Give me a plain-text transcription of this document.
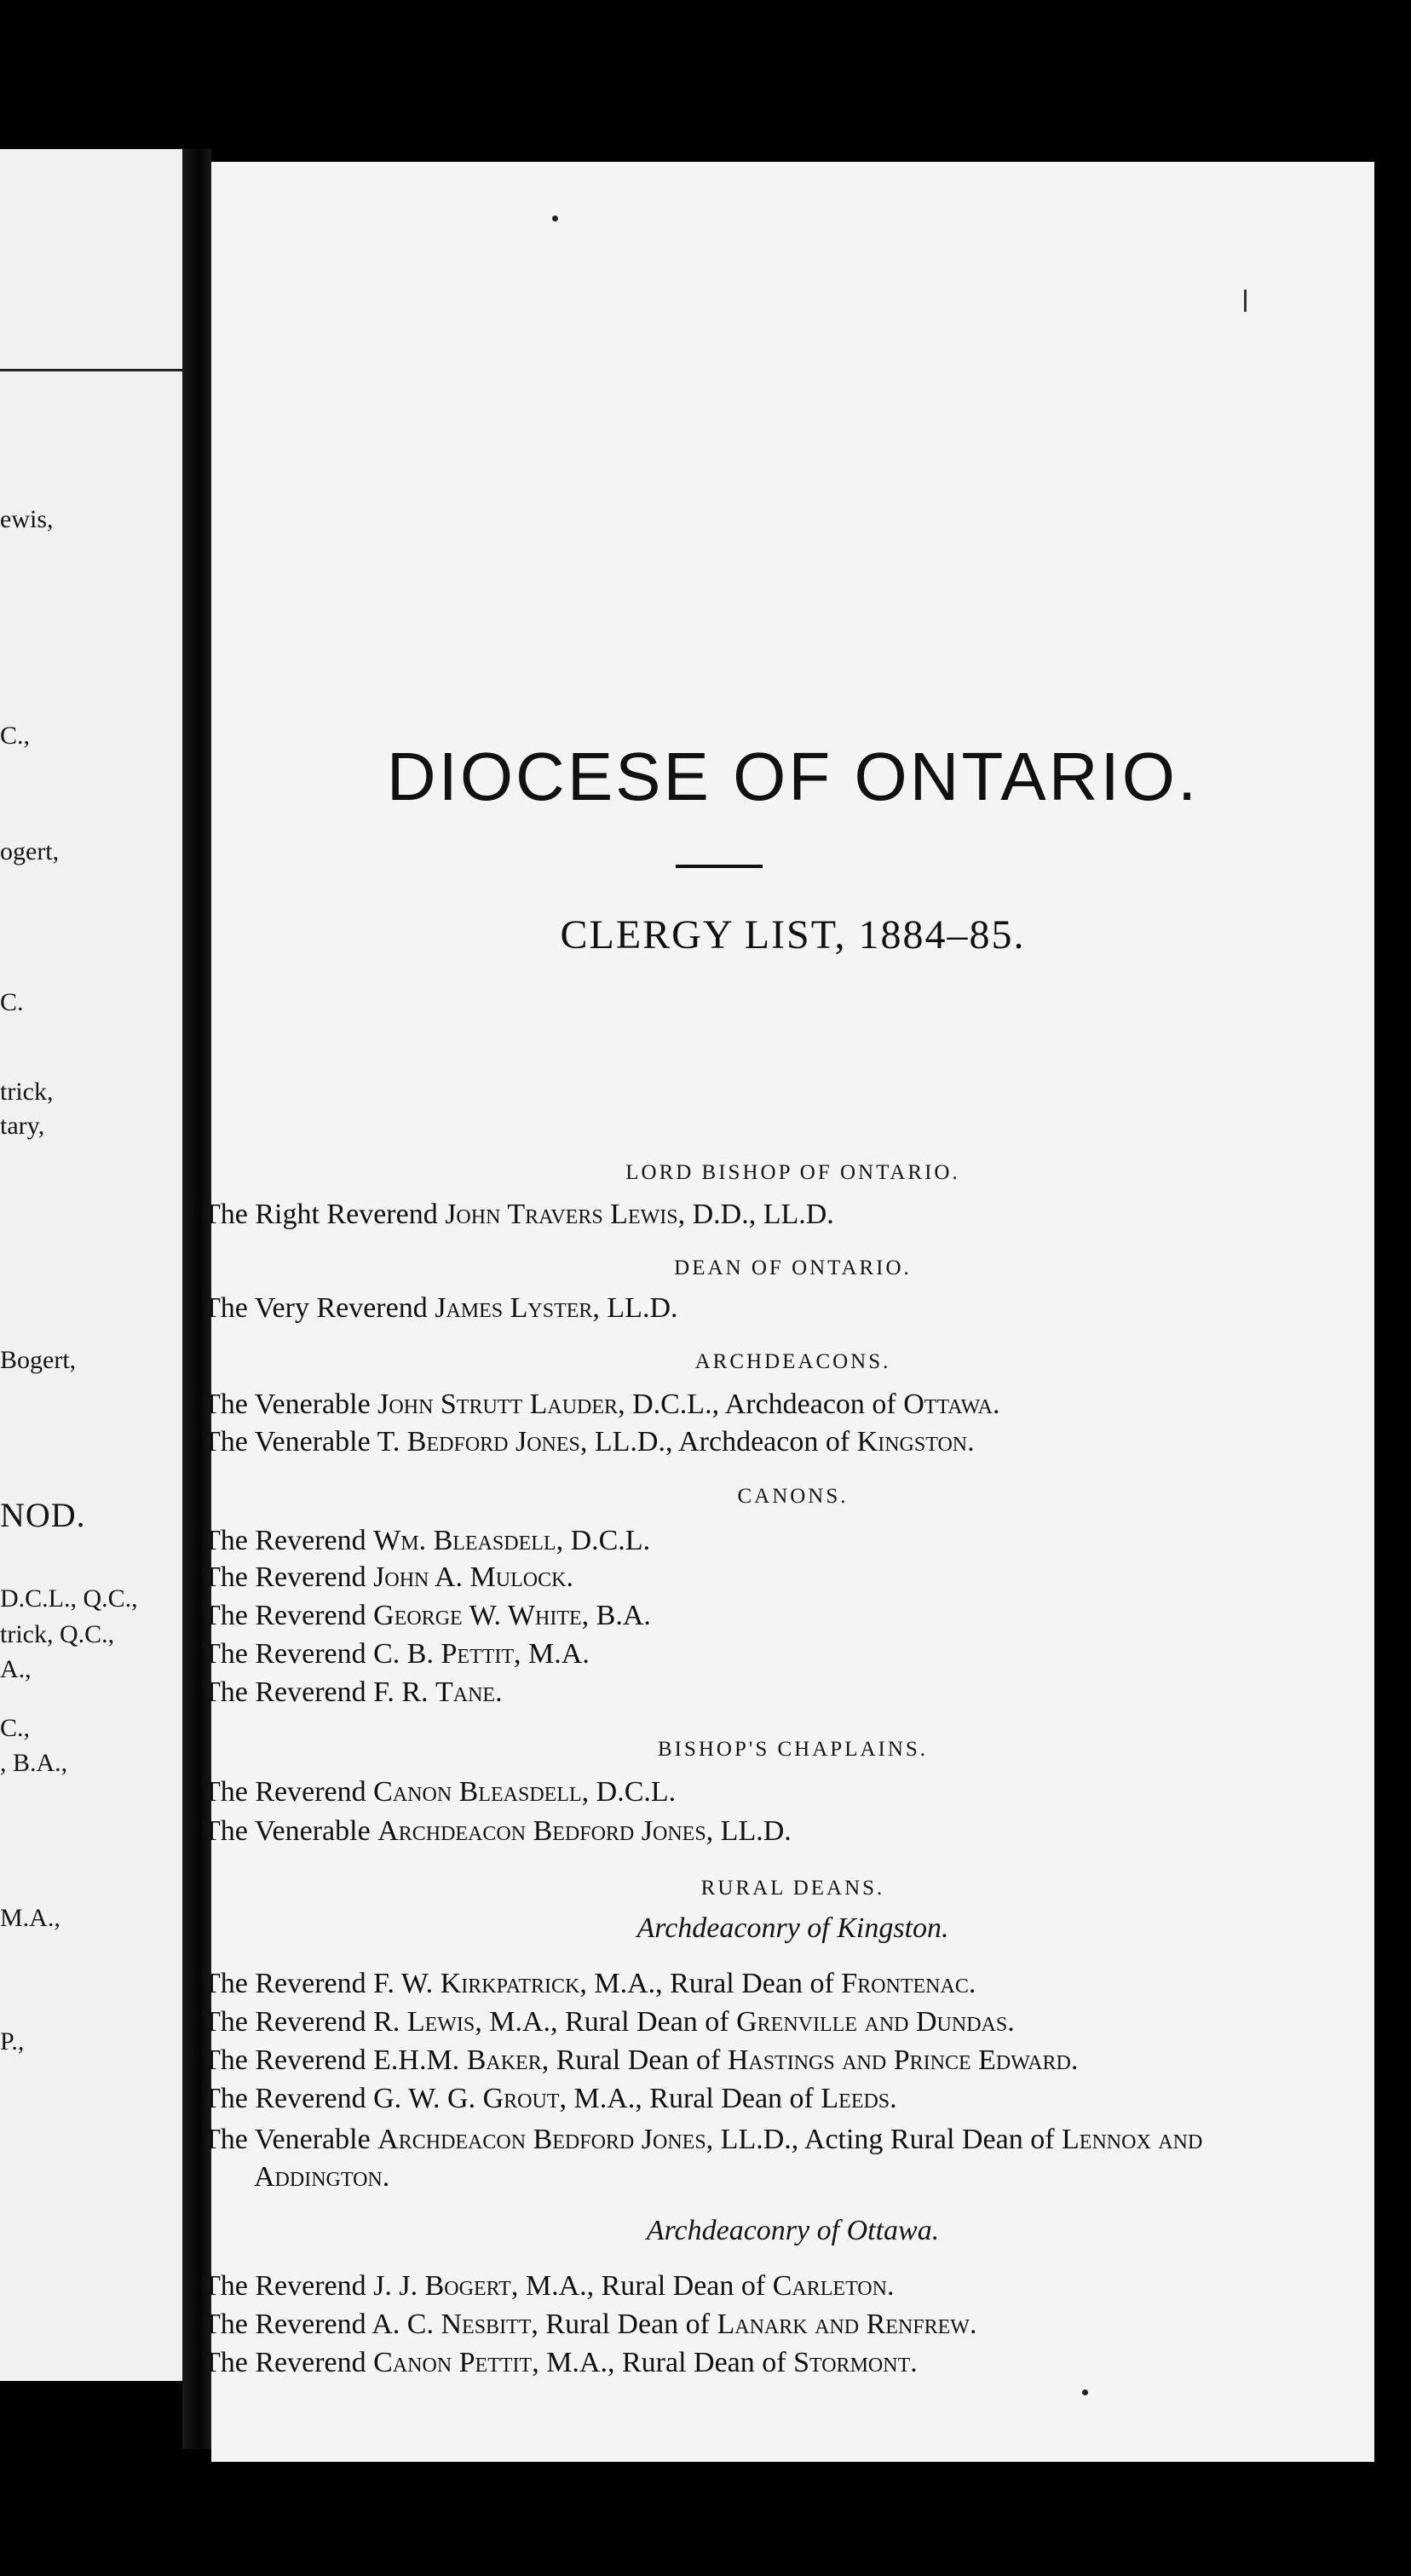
ewis,
C.,
ogert,
C.
trick,
tary,
Bogert,
NOD.
D.C.L., Q.C.,
trick, Q.C.,
A.,
C.,
, B.A.,
M.A.,
P.,
DIOCESE OF ONTARIO.
CLERGY LIST, 1884–85.
LORD BISHOP OF ONTARIO.
The Right Reverend John Travers Lewis, D.D., LL.D.
DEAN OF ONTARIO.
The Very Reverend James Lyster, LL.D.
ARCHDEACONS.
The Venerable John Strutt Lauder, D.C.L., Archdeacon of Ottawa.
The Venerable T. Bedford Jones, LL.D., Archdeacon of Kingston.
CANONS.
The Reverend Wm. Bleasdell, D.C.L.
The Reverend John A. Mulock.
The Reverend George W. White, B.A.
The Reverend C. B. Pettit, M.A.
The Reverend F. R. Tane.
BISHOP'S CHAPLAINS.
The Reverend Canon Bleasdell, D.C.L.
The Venerable Archdeacon Bedford Jones, LL.D.
RURAL DEANS.
Archdeaconry of Kingston.
The Reverend F. W. Kirkpatrick, M.A., Rural Dean of Frontenac.
The Reverend R. Lewis, M.A., Rural Dean of Grenville and Dundas.
The Reverend E.H.M. Baker, Rural Dean of Hastings and Prince Edward.
The Reverend G. W. G. Grout, M.A., Rural Dean of Leeds.
The Venerable Archdeacon Bedford Jones, LL.D., Acting Rural Dean of Lennox and Addington.
Archdeaconry of Ottawa.
The Reverend J. J. Bogert, M.A., Rural Dean of Carleton.
The Reverend A. C. Nesbitt, Rural Dean of Lanark and Renfrew.
The Reverend Canon Pettit, M.A., Rural Dean of Stormont.
